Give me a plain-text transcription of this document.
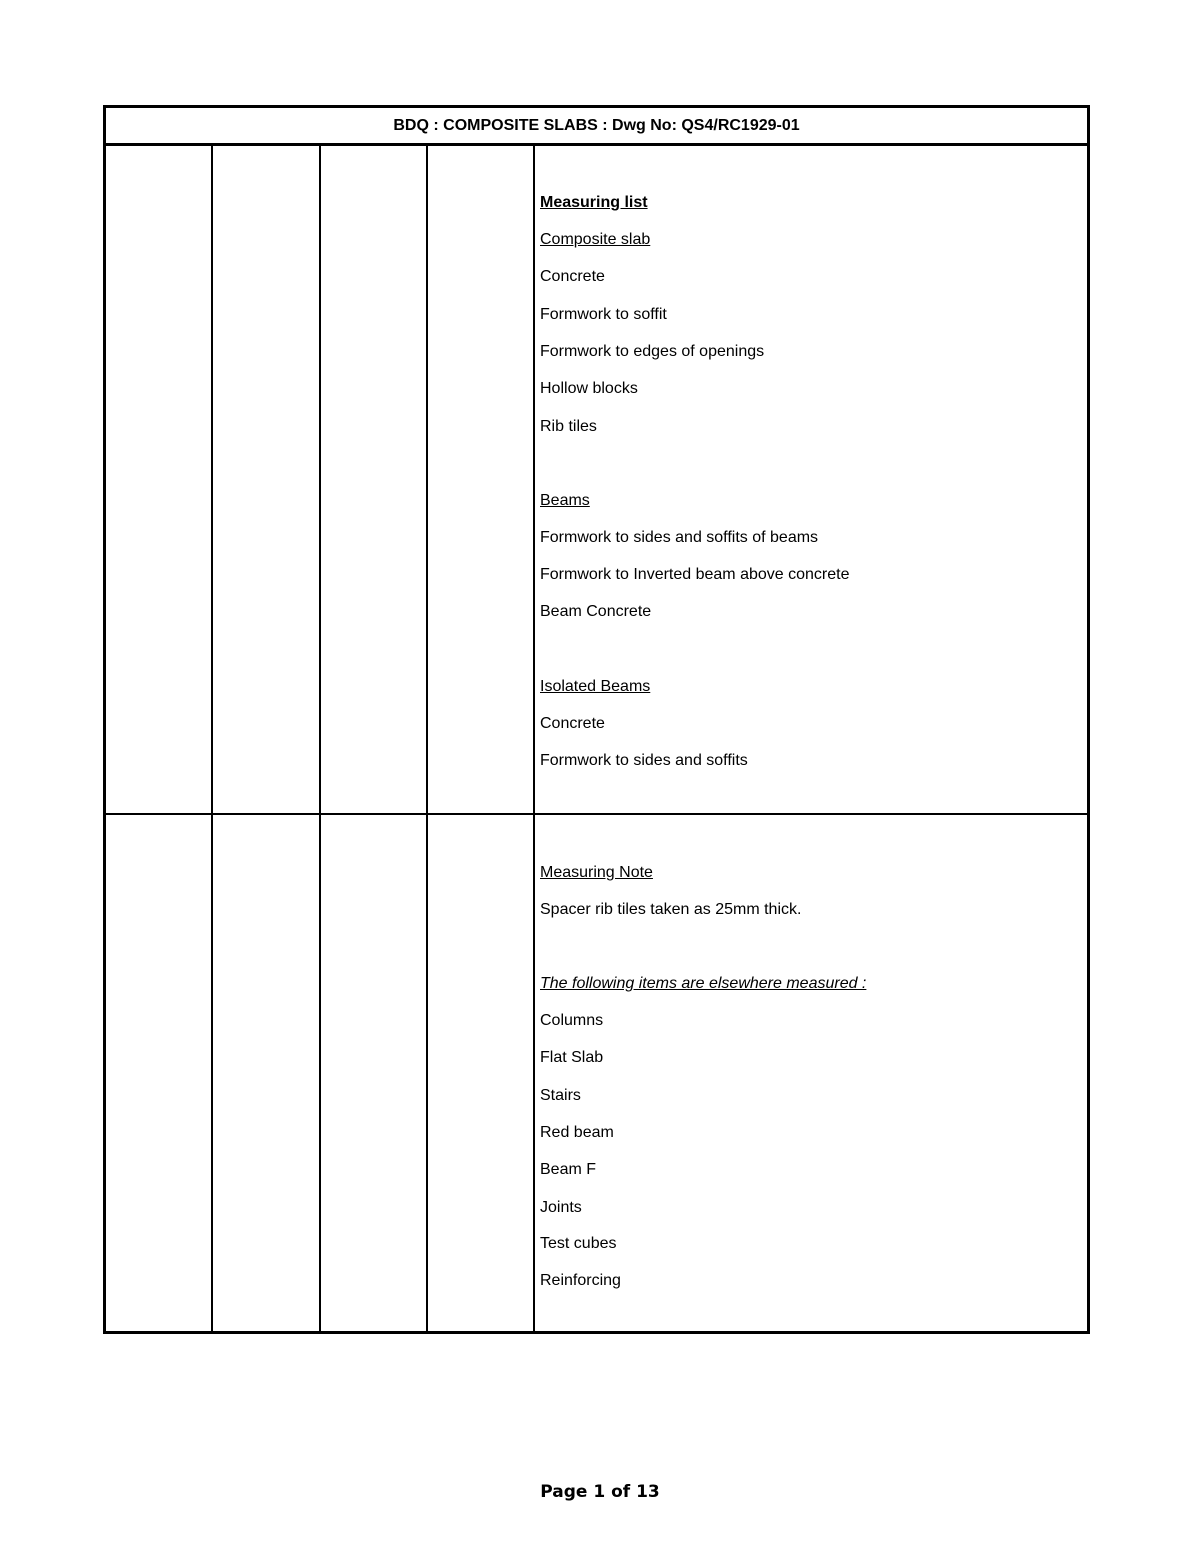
BDQ : COMPOSITE SLABS : Dwg No: QS4/RC1929-01
Measuring list
Composite slab
Concrete
Formwork to soffit
Formwork to edges of openings
Hollow blocks
Rib tiles
Beams
Formwork to sides and soffits of beams
Formwork to Inverted beam above concrete
Beam Concrete
Isolated Beams
Concrete
Formwork to sides and soffits
Measuring Note
Spacer rib tiles taken as 25mm thick.
The following items are elsewhere measured :
Columns
Flat Slab
Stairs
Red beam
Beam F
Joints
Test cubes
Reinforcing
Page 1 of 13
